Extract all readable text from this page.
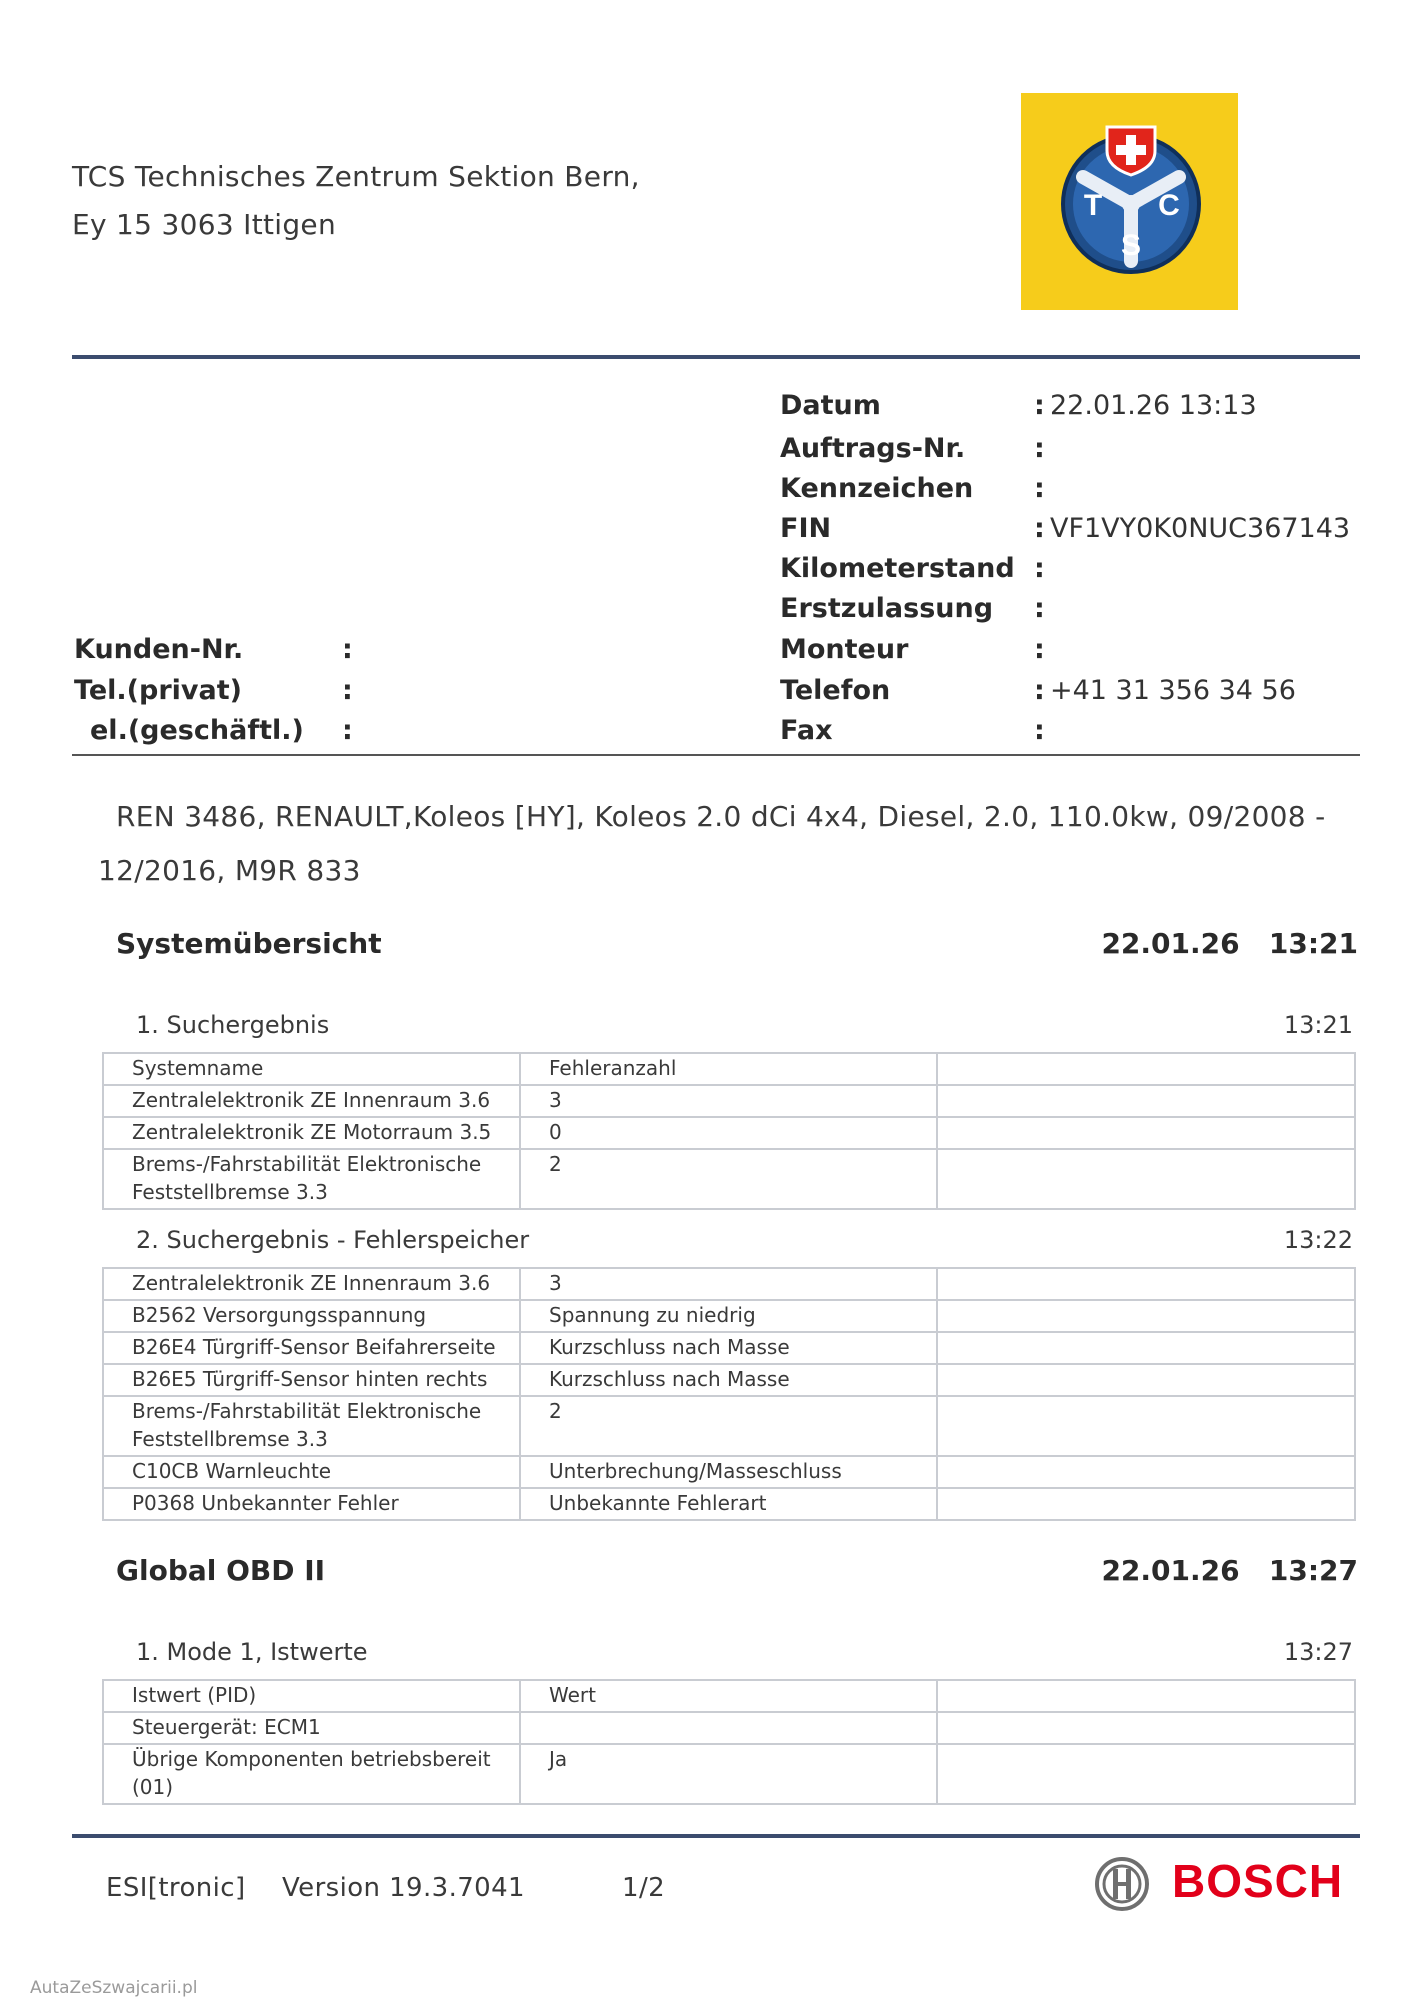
TCS Technisches Zentrum Sektion Bern,
Ey 15 3063 Ittigen
T C
S
Datum	: 22.01.26 13:13
Auftrags-Nr.	:
Kennzeichen :
FIN	: VF1VY0K0NUC367143
Kilometerstand :
Erstzulassung :
Monteur	:
Telefon	: +41 31 356 34 56
Fax	:
Kunden-Nr.	:
Tel.(privat)	:
el.(geschäftl.) :
REN 3486, RENAULT,Koleos [HY], Koleos 2.0 dCi 4x4, Diesel, 2.0, 110.0kw, 09/2008 -
12/2016, M9R 833
Systemübersicht	22.01.26 13:21
1. Suchergebnis	13:21
Systemname	Fehleranzahl	
Zentralelektronik ZE Innenraum 3.6	3	
Zentralelektronik ZE Motorraum 3.5	0	
Brems-/Fahrstabilität Elektronische Feststellbremse 3.3	2	
2. Suchergebnis - Fehlerspeicher	13:22
Zentralelektronik ZE Innenraum 3.6	3	
B2562 Versorgungsspannung	Spannung zu niedrig	
B26E4 Türgriff-Sensor Beifahrerseite	Kurzschluss nach Masse	
B26E5 Türgriff-Sensor hinten rechts	Kurzschluss nach Masse	
Brems-/Fahrstabilität Elektronische Feststellbremse 3.3	2	
C10CB Warnleuchte	Unterbrechung/Masseschluss	
P0368 Unbekannter Fehler	Unbekannte Fehlerart	
Global OBD II	22.01.26 13:27
1. Mode 1, Istwerte	13:27
Istwert (PID)	Wert	
Steuergerät: ECM1		
Übrige Komponenten betriebsbereit (01)	Ja	
ESI[tronic] Version 19.3.7041	1/2	BOSCH
AutaZeSzwajcarii.pl
